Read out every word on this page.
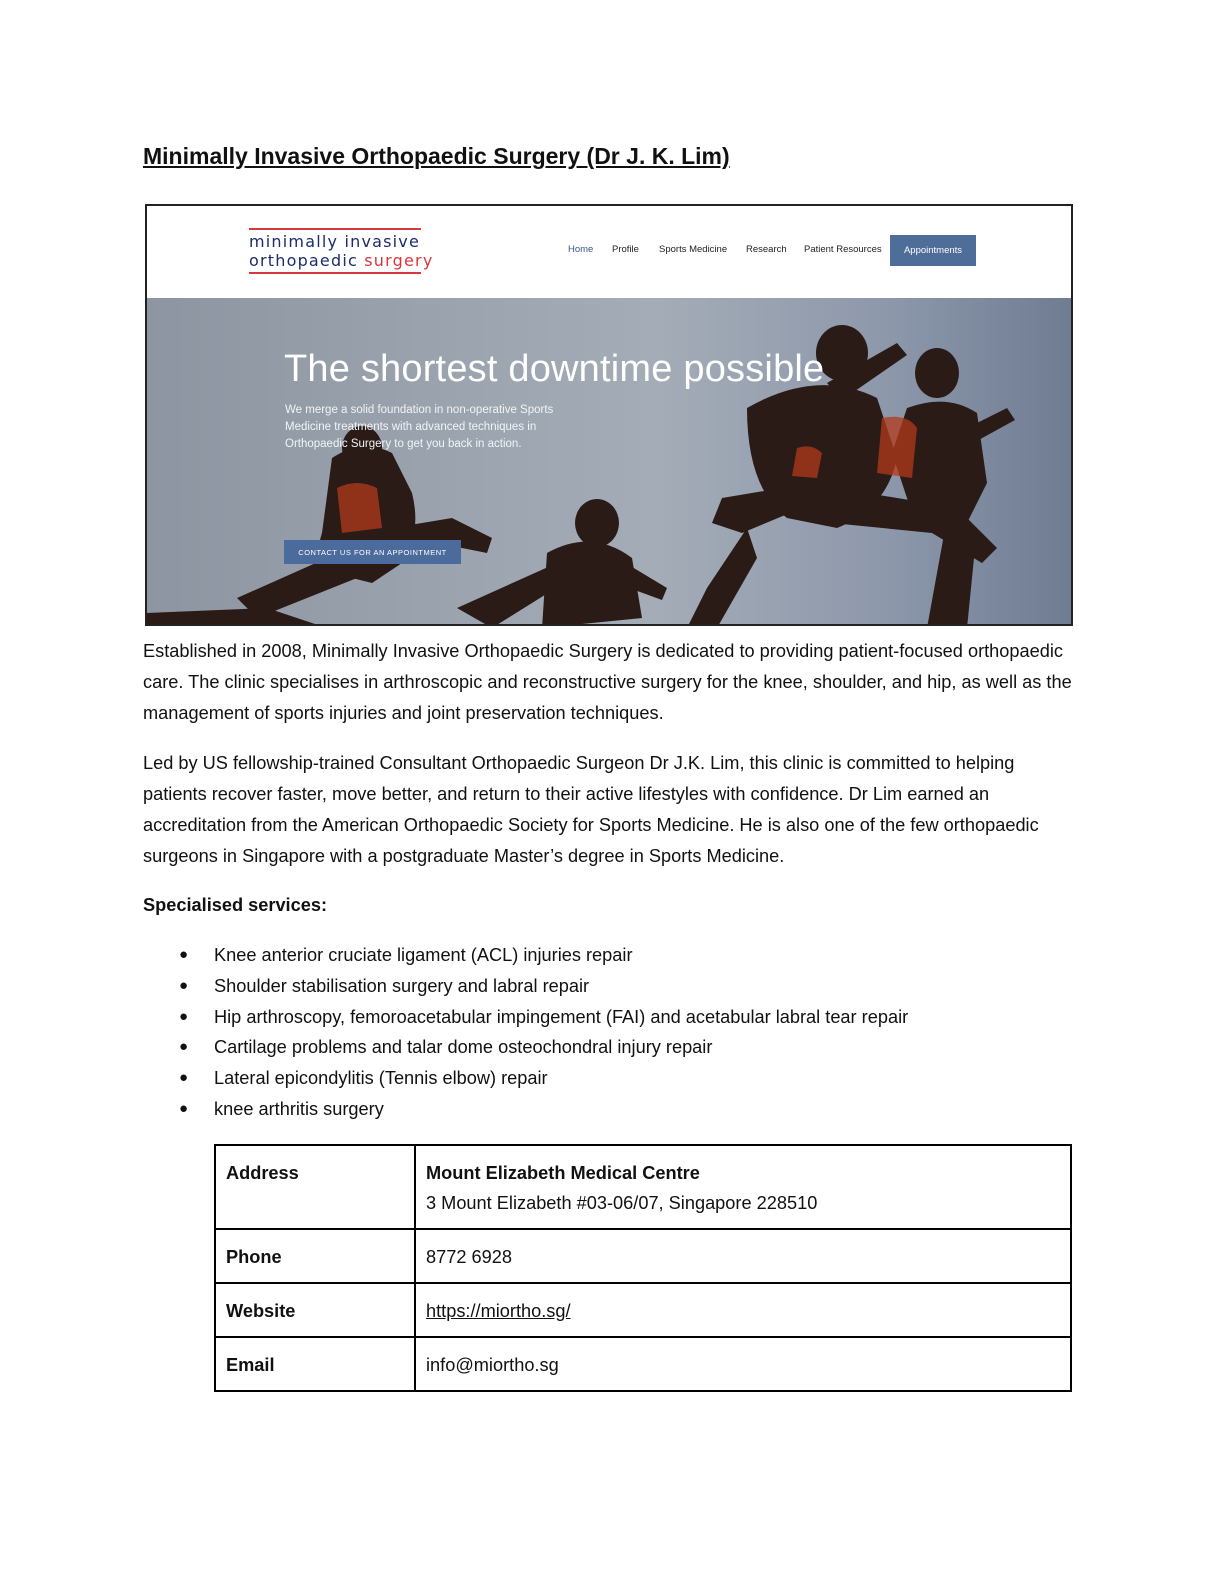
Minimally Invasive Orthopaedic Surgery (Dr J. K. Lim)
minimally invasive
orthopaedic surgery
Home Profile Sports Medicine Research Patient Resources	Appointments
The shortest downtime possible
We merge a solid foundation in non-operative Sports Medicine treatments with advanced techniques in Orthopaedic Surgery to get you back in action.
CONTACT US FOR AN APPOINTMENT

Established in 2008, Minimally Invasive Orthopaedic Surgery is dedicated to providing patient-focused orthopaedic care. The clinic specialises in arthroscopic and reconstructive surgery for the knee, shoulder, and hip, as well as the management of sports injuries and joint preservation techniques.

Led by US fellowship-trained Consultant Orthopaedic Surgeon Dr J.K. Lim, this clinic is committed to helping patients recover faster, move better, and return to their active lifestyles with confidence. Dr Lim earned an accreditation from the American Orthopaedic Society for Sports Medicine. He is also one of the few orthopaedic surgeons in Singapore with a postgraduate Master’s degree in Sports Medicine.

Specialised services:

● Knee anterior cruciate ligament (ACL) injuries repair
● Shoulder stabilisation surgery and labral repair
● Hip arthroscopy, femoroacetabular impingement (FAI) and acetabular labral tear repair
● Cartilage problems and talar dome osteochondral injury repair
● Lateral epicondylitis (Tennis elbow) repair
● knee arthritis surgery
Address	Mount Elizabeth Medical Centre
3 Mount Elizabeth #03-06/07, Singapore 228510

Phone	8772 6928
Website	https://miortho.sg/
Email	info@miortho.sg
